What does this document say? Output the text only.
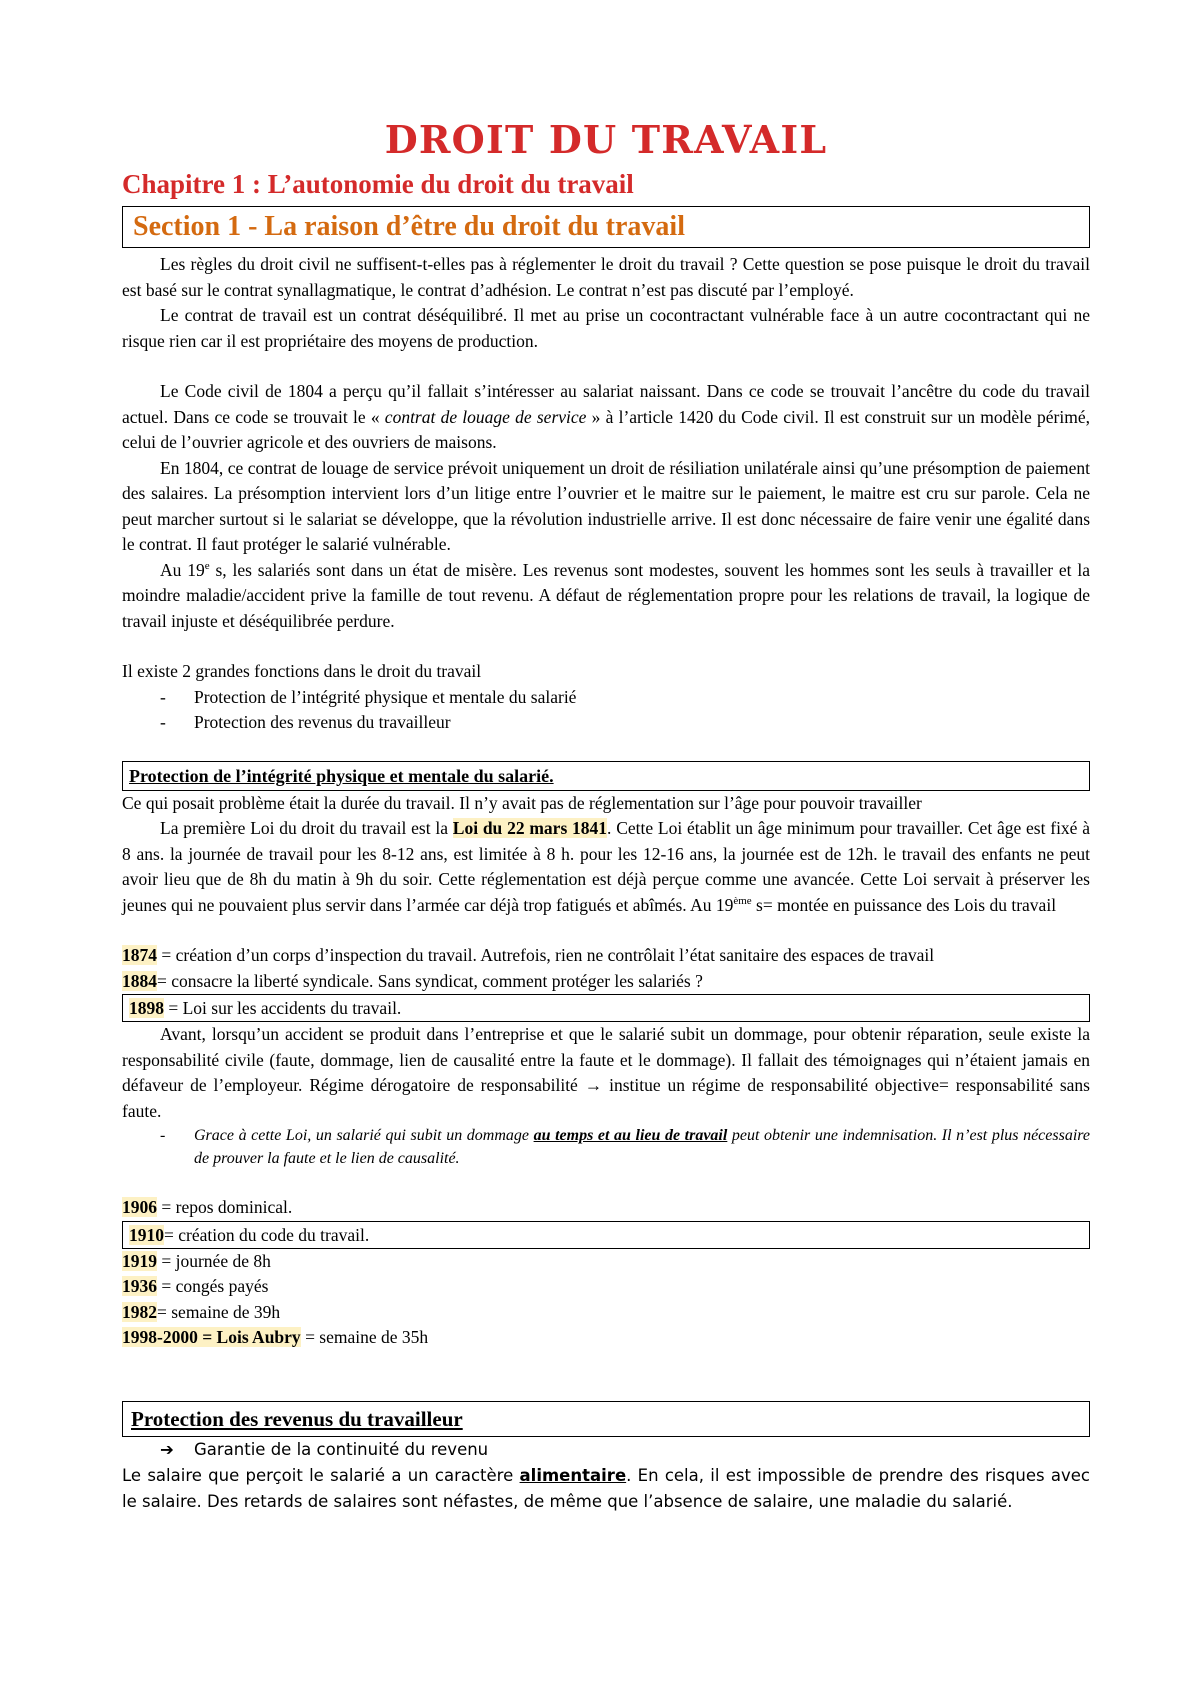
DROIT DU TRAVAIL
Chapitre 1 : L’autonomie du droit du travail
Section 1 - La raison d’être du droit du travail

Les règles du droit civil ne suffisent-t-elles pas à réglementer le droit du travail ? Cette question se pose puisque le droit du travail est basé sur le contrat synallagmatique, le contrat d’adhésion. Le contrat n’est pas discuté par l’employé.

Le contrat de travail est un contrat déséquilibré. Il met au prise un cocontractant vulnérable face à un autre cocontractant qui ne risque rien car il est propriétaire des moyens de production.

Le Code civil de 1804 a perçu qu’il fallait s’intéresser au salariat naissant. Dans ce code se trouvait l’ancêtre du code du travail actuel. Dans ce code se trouvait le « contrat de louage de service » à l’article 1420 du Code civil. Il est construit sur un modèle périmé, celui de l’ouvrier agricole et des ouvriers de maisons.

En 1804, ce contrat de louage de service prévoit uniquement un droit de résiliation unilatérale ainsi qu’une présomption de paiement des salaires. La présomption intervient lors d’un litige entre l’ouvrier et le maitre sur le paiement, le maitre est cru sur parole. Cela ne peut marcher surtout si le salariat se développe, que la révolution industrielle arrive. Il est donc nécessaire de faire venir une égalité dans le contrat. Il faut protéger le salarié vulnérable.

Au 19e s, les salariés sont dans un état de misère. Les revenus sont modestes, souvent les hommes sont les seuls à travailler et la moindre maladie/accident prive la famille de tout revenu. A défaut de réglementation propre pour les relations de travail, la logique de travail injuste et déséquilibrée perdure.

Il existe 2 grandes fonctions dans le droit du travail

- Protection de l’intégrité physique et mentale du salarié
- Protection des revenus du travailleur
Protection de l’intégrité physique et mentale du salarié.

Ce qui posait problème était la durée du travail. Il n’y avait pas de réglementation sur l’âge pour pouvoir travailler

La première Loi du droit du travail est la Loi du 22 mars 1841. Cette Loi établit un âge minimum pour travailler. Cet âge est fixé à 8 ans. la journée de travail pour les 8-12 ans, est limitée à 8 h. pour les 12-16 ans, la journée est de 12h. le travail des enfants ne peut avoir lieu que de 8h du matin à 9h du soir. Cette réglementation est déjà perçue comme une avancée. Cette Loi servait à préserver les jeunes qui ne pouvaient plus servir dans l’armée car déjà trop fatigués et abîmés. Au 19ème s= montée en puissance des Lois du travail

1874 = création d’un corps d’inspection du travail. Autrefois, rien ne contrôlait l’état sanitaire des espaces de travail

1884= consacre la liberté syndicale. Sans syndicat, comment protéger les salariés ?

1898 = Loi sur les accidents du travail.

Avant, lorsqu’un accident se produit dans l’entreprise et que le salarié subit un dommage, pour obtenir réparation, seule existe la responsabilité civile (faute, dommage, lien de causalité entre la faute et le dommage). Il fallait des témoignages qui n’étaient jamais en défaveur de l’employeur. Régime dérogatoire de responsabilité → institue un régime de responsabilité objective= responsabilité sans faute.

- Grace à cette Loi, un salarié qui subit un dommage au temps et au lieu de travail peut obtenir une indemnisation. Il n’est plus nécessaire de prouver la faute et le lien de causalité.

1906 = repos dominical.

1910= création du code du travail.

1919 = journée de 8h

1936 = congés payés

1982= semaine de 39h

1998-2000 = Lois Aubry = semaine de 35h

Protection des revenus du travailleur

➔ Garantie de la continuité du revenu

Le salaire que perçoit le salarié a un caractère alimentaire. En cela, il est impossible de prendre des risques avec le salaire. Des retards de salaires sont néfastes, de même que l’absence de salaire, une maladie du salarié.
